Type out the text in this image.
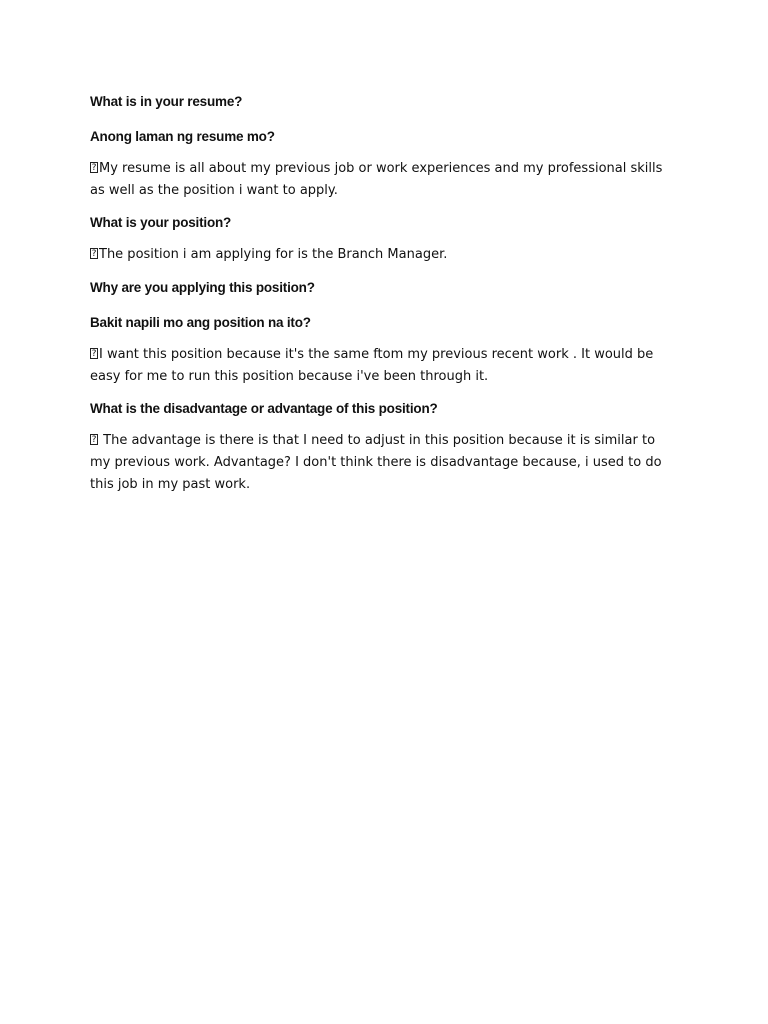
What is in your resume?

Anong laman ng resume mo?

? My resume is all about my previous job or work experiences and my professional skills as well as the position i want to apply.

What is your position?

? The position i am applying for is the Branch Manager.

Why are you applying this position?

Bakit napili mo ang position na ito?

? I want this position because it's the same ftom my previous recent work . It would be easy for me to run this position because i've been through it.

What is the disadvantage or advantage of this position?

? The advantage is there is that I need to adjust in this position because it is similar to my previous work. Advantage? I don't think there is disadvantage because, i used to do this job in my past work.
